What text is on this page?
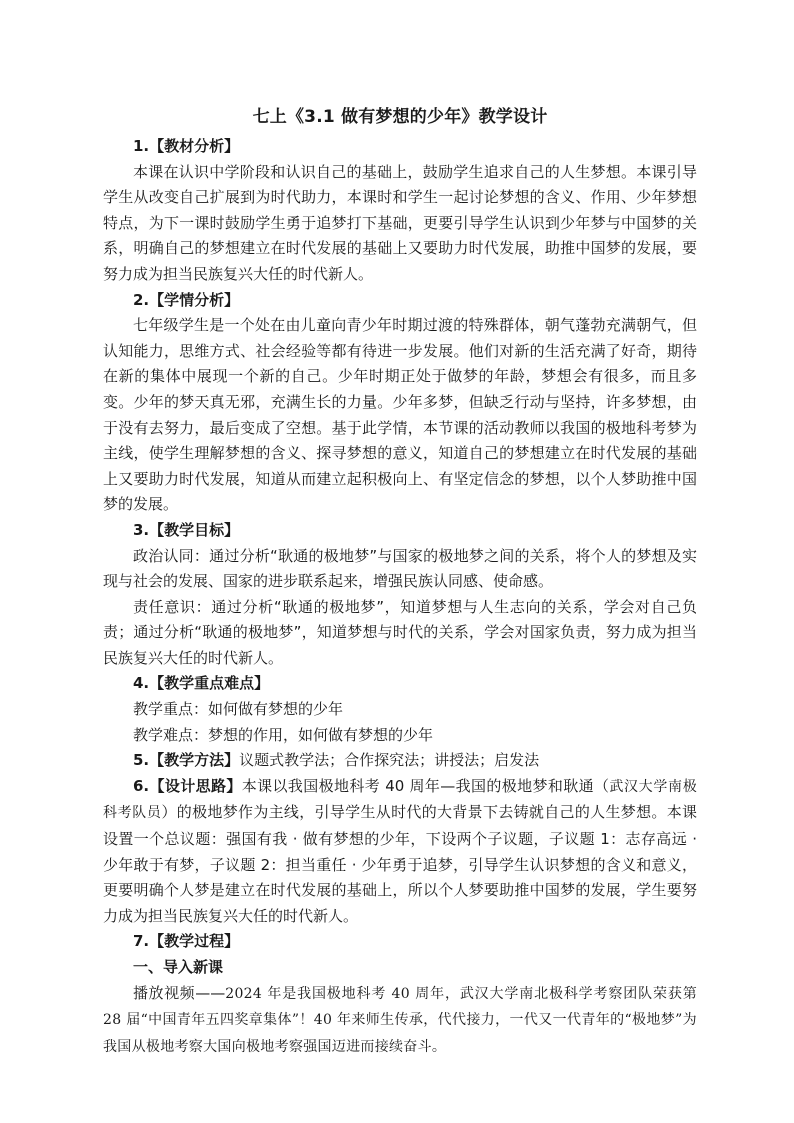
七上《3.1 做有梦想的少年》教学设计

1.【教材分析】

本课在认识中学阶段和认识自己的基础上，鼓励学生追求自己的人生梦想。本课引导学生从改变自己扩展到为时代助力，本课时和学生一起讨论梦想的含义、作用、少年梦想特点，为下一课时鼓励学生勇于追梦打下基础，更要引导学生认识到少年梦与中国梦的关系，明确自己的梦想建立在时代发展的基础上又要助力时代发展，助推中国梦的发展，要努力成为担当民族复兴大任的时代新人。

2.【学情分析】

七年级学生是一个处在由儿童向青少年时期过渡的特殊群体，朝气蓬勃充满朝气，但认知能力，思维方式、社会经验等都有待进一步发展。他们对新的生活充满了好奇，期待在新的集体中展现一个新的自己。少年时期正处于做梦的年龄，梦想会有很多，而且多变。少年的梦天真无邪，充满生长的力量。少年多梦，但缺乏行动与坚持，许多梦想，由于没有去努力，最后变成了空想。基于此学情，本节课的活动教师以我国的极地科考梦为主线，使学生理解梦想的含义、探寻梦想的意义，知道自己的梦想建立在时代发展的基础上又要助力时代发展，知道从而建立起积极向上、有坚定信念的梦想，以个人梦助推中国梦的发展。

3.【教学目标】

政治认同：通过分析“耿通的极地梦”与国家的极地梦之间的关系，将个人的梦想及实现与社会的发展、国家的进步联系起来，增强民族认同感、使命感。

责任意识：通过分析“耿通的极地梦”，知道梦想与人生志向的关系，学会对自己负责；通过分析“耿通的极地梦”，知道梦想与时代的关系，学会对国家负责，努力成为担当民族复兴大任的时代新人。

4.【教学重点难点】

教学重点：如何做有梦想的少年

教学难点：梦想的作用，如何做有梦想的少年

5.【教学方法】议题式教学法；合作探究法；讲授法；启发法

6.【设计思路】本课以我国极地科考 40 周年—我国的极地梦和耿通（武汉大学南极科考队员）的极地梦作为主线，引导学生从时代的大背景下去铸就自己的人生梦想。本课设置一个总议题：强国有我 · 做有梦想的少年，下设两个子议题，子议题 1：志存高远 · 少年敢于有梦，子议题 2：担当重任 · 少年勇于追梦，引导学生认识梦想的含义和意义，更要明确个人梦是建立在时代发展的基础上，所以个人梦要助推中国梦的发展，学生要努力成为担当民族复兴大任的时代新人。

7.【教学过程】

一、导入新课

播放视频——2024 年是我国极地科考 40 周年，武汉大学南北极科学考察团队荣获第 28 届“中国青年五四奖章集体”！40 年来师生传承，代代接力，一代又一代青年的“极地梦”为我国从极地考察大国向极地考察强国迈进而接续奋斗。
